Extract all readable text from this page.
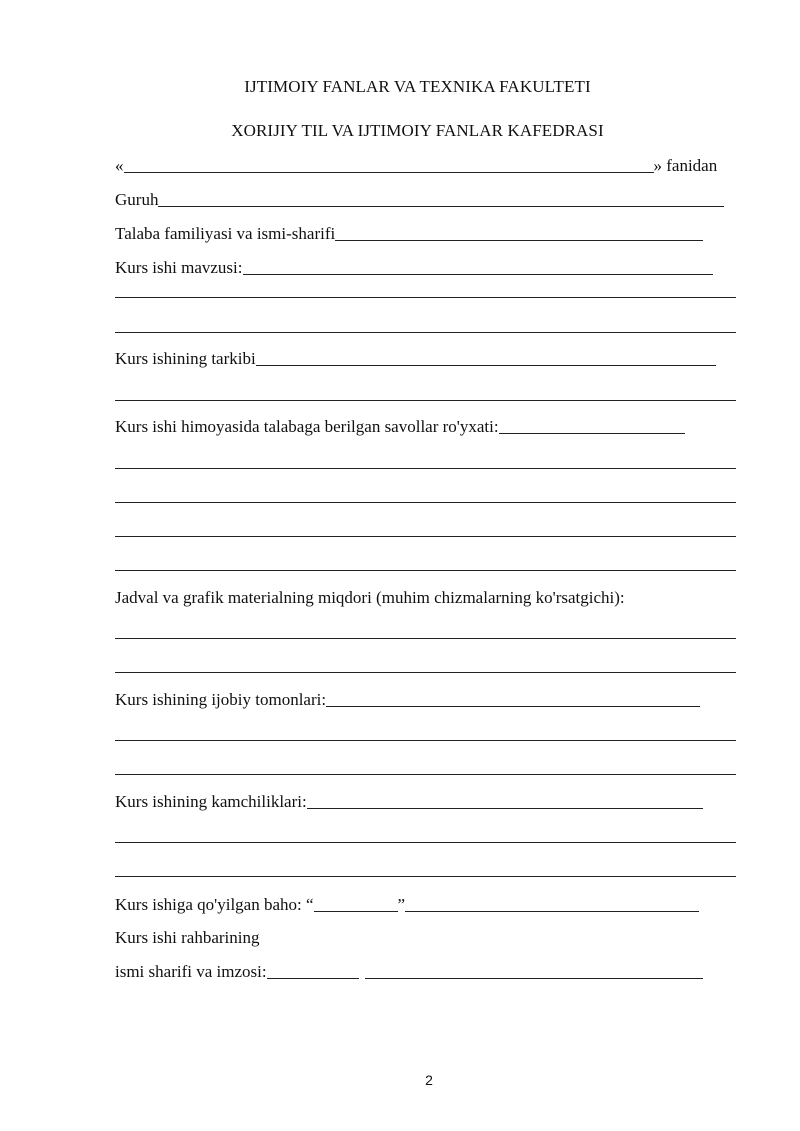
IJTIMOIY FANLAR VA TEXNIKA FAKULTETI
XORIJIY TIL VA IJTIMOIY FANLAR KAFEDRASI
«	» fanidan
Guruh
Talaba familiyasi va ismi-sharifi
Kurs ishi mavzusi:
Kurs ishining tarkibi
Kurs ishi himoyasida talabaga berilgan savollar ro'yxati:
Jadval va grafik materialning miqdori (muhim chizmalarning ko'rsatgichi):
Kurs ishining ijobiy tomonlari:
Kurs ishining kamchiliklari:
Kurs ishiga qo'yilgan baho: “	”
Kurs ishi rahbarining
ismi sharifi va imzosi:
2
